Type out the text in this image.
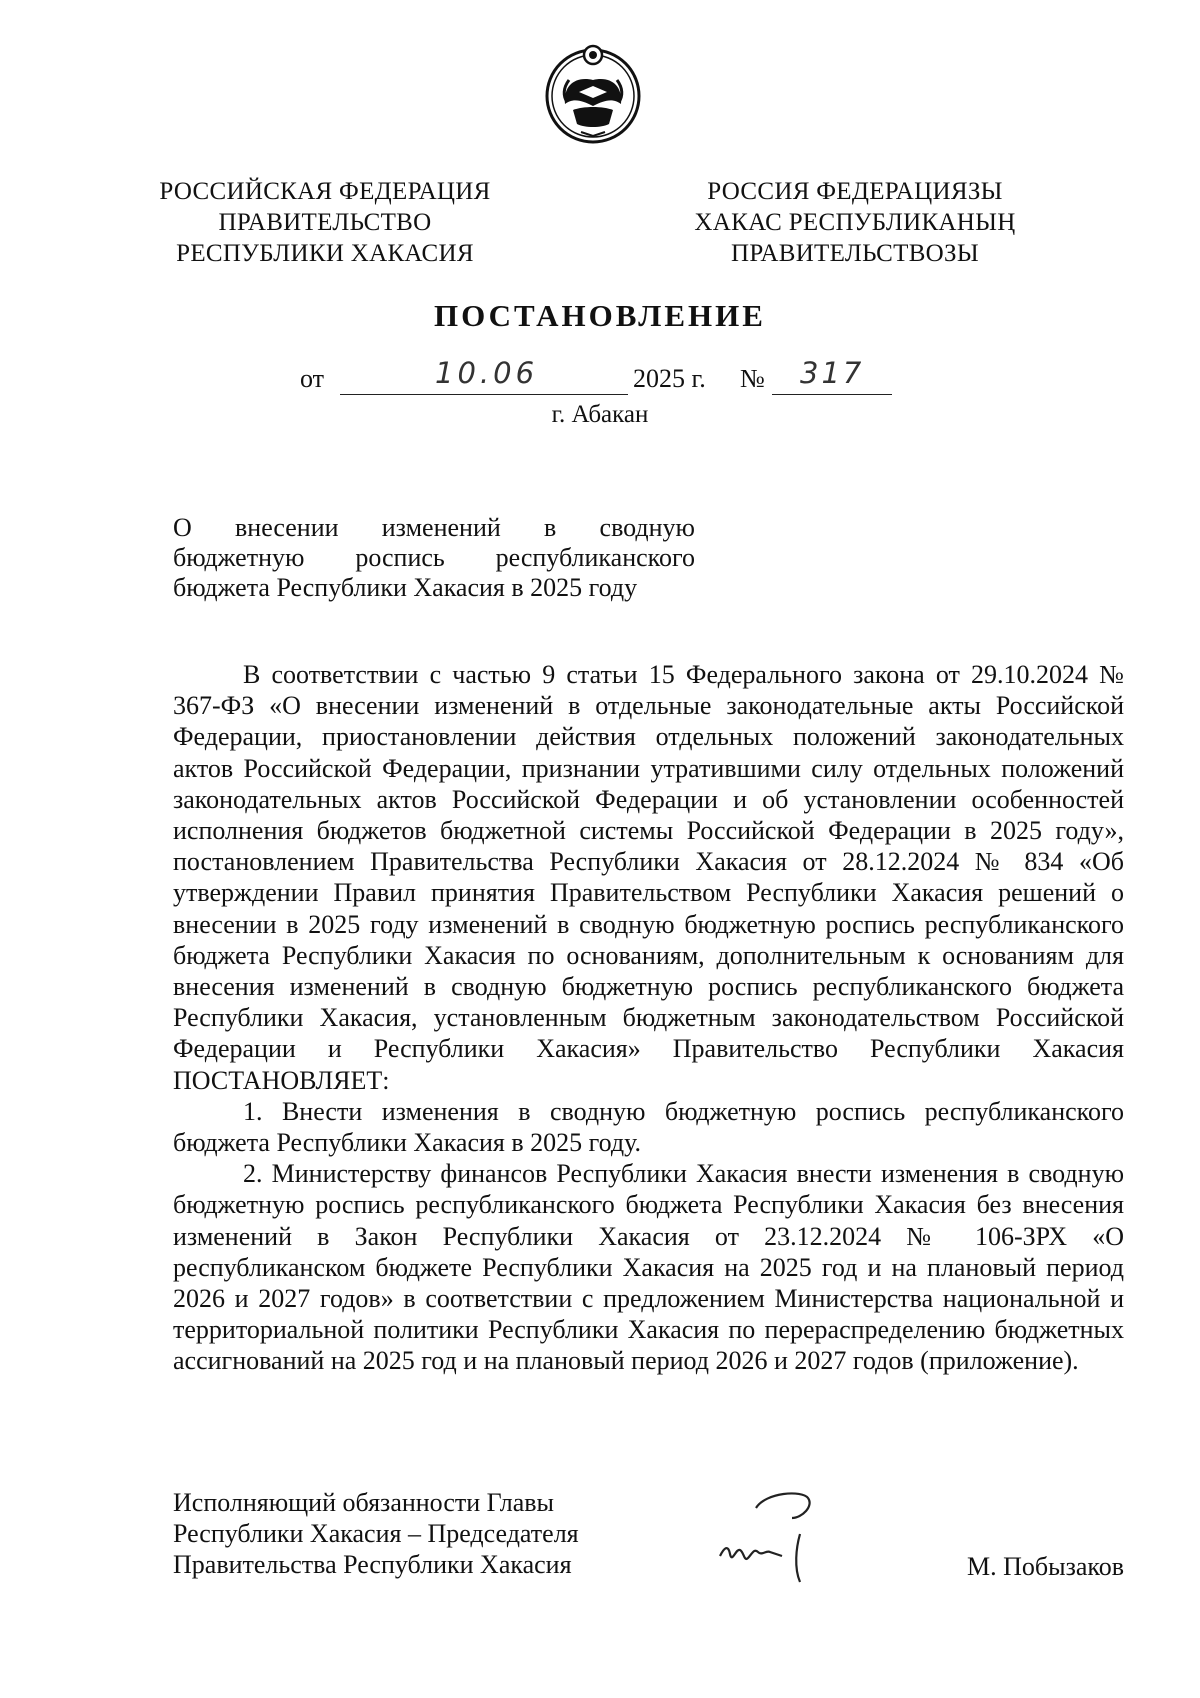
РОССИЙСКАЯ ФЕДЕРАЦИЯ
ПРАВИТЕЛЬСТВО
РЕСПУБЛИКИ ХАКАСИЯ
РОССИЯ ФЕДЕРАЦИЯЗЫ
ХАКАС РЕСПУБЛИКАНЫҢ
ПРАВИТЕЛЬСТВОЗЫ
ПОСТАНОВЛЕНИЕ
от	10.06	2025 г. № 317
г. Абакан
О внесении изменений в сводную
бюджетную роспись республиканского
бюджета Республики Хакасия в 2025 году

В соответствии с частью 9 статьи 15 Федерального закона от 29.10.2024 № 367-ФЗ «О внесении изменений в отдельные законодательные акты Российской Федерации, приостановлении действия отдельных положений законодательных актов Российской Федерации, признании утратившими силу отдельных положений законодательных актов Российской Федерации и об установлении особенностей исполнения бюджетов бюджетной системы Российской Федерации в 2025 году», постановлением Правительства Республики Хакасия от 28.12.2024 № 834 «Об утверждении Правил принятия Правительством Республики Хакасия решений о внесении в 2025 году изменений в сводную бюджетную роспись республиканского бюджета Республики Хакасия по основаниям, дополнительным к основаниям для внесения изменений в сводную бюджетную роспись республиканского бюджета Республики Хакасия, установленным бюджетным законодательством Российской Федерации и Республики Хакасия» Правительство Республики Хакасия ПОСТАНОВЛЯЕТ:

1. Внести изменения в сводную бюджетную роспись республиканского бюджета Республики Хакасия в 2025 году.

2. Министерству финансов Республики Хакасия внести изменения в сводную бюджетную роспись республиканского бюджета Республики Хакасия без внесения изменений в Закон Республики Хакасия от 23.12.2024 № 106-ЗРХ «О республиканском бюджете Республики Хакасия на 2025 год и на плановый период 2026 и 2027 годов» в соответствии с предложением Министерства национальной и территориальной политики Республики Хакасия по перераспределению бюджетных ассигнований на 2025 год и на плановый период 2026 и 2027 годов (приложение).

Исполняющий обязанности Главы
Республики Хакасия – Председателя
Правительства Республики Хакасия	М. Побызаков
